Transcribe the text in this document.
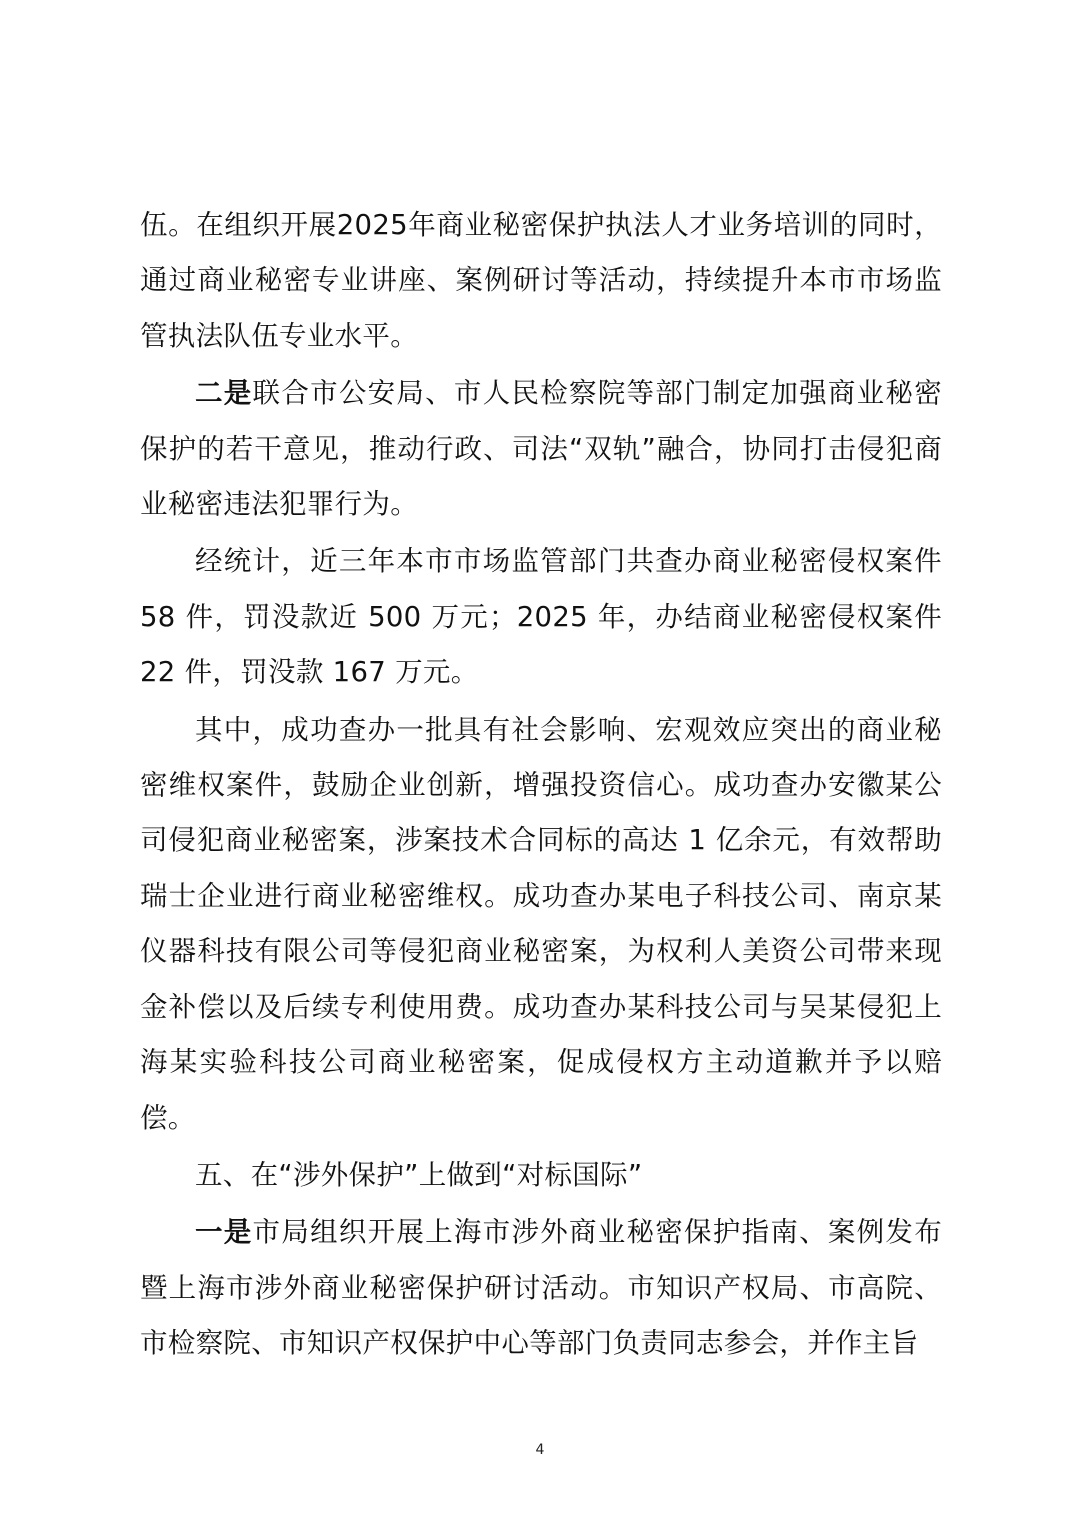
伍。在组织开展2025年商业秘密保护执法人才业务培训的同时，通过商业秘密专业讲座、案例研讨等活动，持续提升本市市场监管执法队伍专业水平。

二是联合市公安局、市人民检察院等部门制定加强商业秘密保护的若干意见，推动行政、司法“双轨”融合，协同打击侵犯商业秘密违法犯罪行为。

经统计，近三年本市市场监管部门共查办商业秘密侵权案件58 件，罚没款近 500 万元；2025 年，办结商业秘密侵权案件22 件，罚没款 167 万元。

其中，成功查办一批具有社会影响、宏观效应突出的商业秘密维权案件，鼓励企业创新，增强投资信心。成功查办安徽某公司侵犯商业秘密案，涉案技术合同标的高达 1 亿余元，有效帮助瑞士企业进行商业秘密维权。成功查办某电子科技公司、南京某仪器科技有限公司等侵犯商业秘密案，为权利人美资公司带来现金补偿以及后续专利使用费。成功查办某科技公司与吴某侵犯上海某实验科技公司商业秘密案，促成侵权方主动道歉并予以赔偿。

五、在“涉外保护”上做到“对标国际”

一是市局组织开展上海市涉外商业秘密保护指南、案例发布暨上海市涉外商业秘密保护研讨活动。市知识产权局、市高院、市检察院、市知识产权保护中心等部门负责同志参会，并作主旨

4
